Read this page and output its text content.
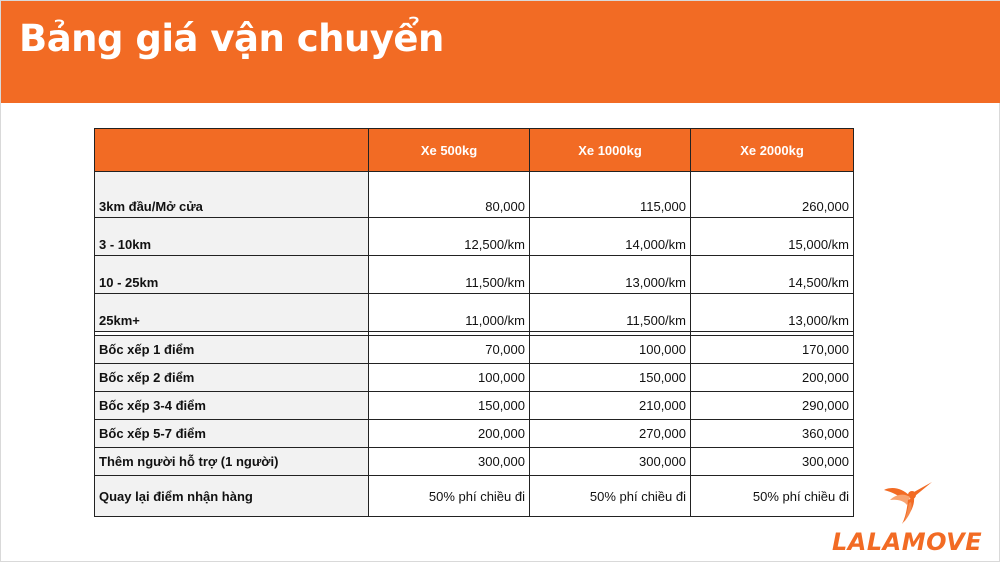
Bảng giá vận chuyển
	Xe 500kg	Xe 1000kg	Xe 2000kg
3km đầu/Mở cửa	80,000	115,000	260,000
3 - 10km	12,500/km	14,000/km	15,000/km
10 - 25km	11,500/km	13,000/km	14,500/km
25km+	11,000/km	11,500/km	13,000/km

Bốc xếp 1 điểm	70,000	100,000	170,000
Bốc xếp 2 điểm	100,000	150,000	200,000
Bốc xếp 3-4 điểm	150,000	210,000	290,000
Bốc xếp 5-7 điểm	200,000	270,000	360,000
Thêm người hỗ trợ (1 người)	300,000	300,000	300,000
Quay lại điểm nhận hàng	50% phí chiều đi	50% phí chiều đi	50% phí chiều đi
LALAMOVE
